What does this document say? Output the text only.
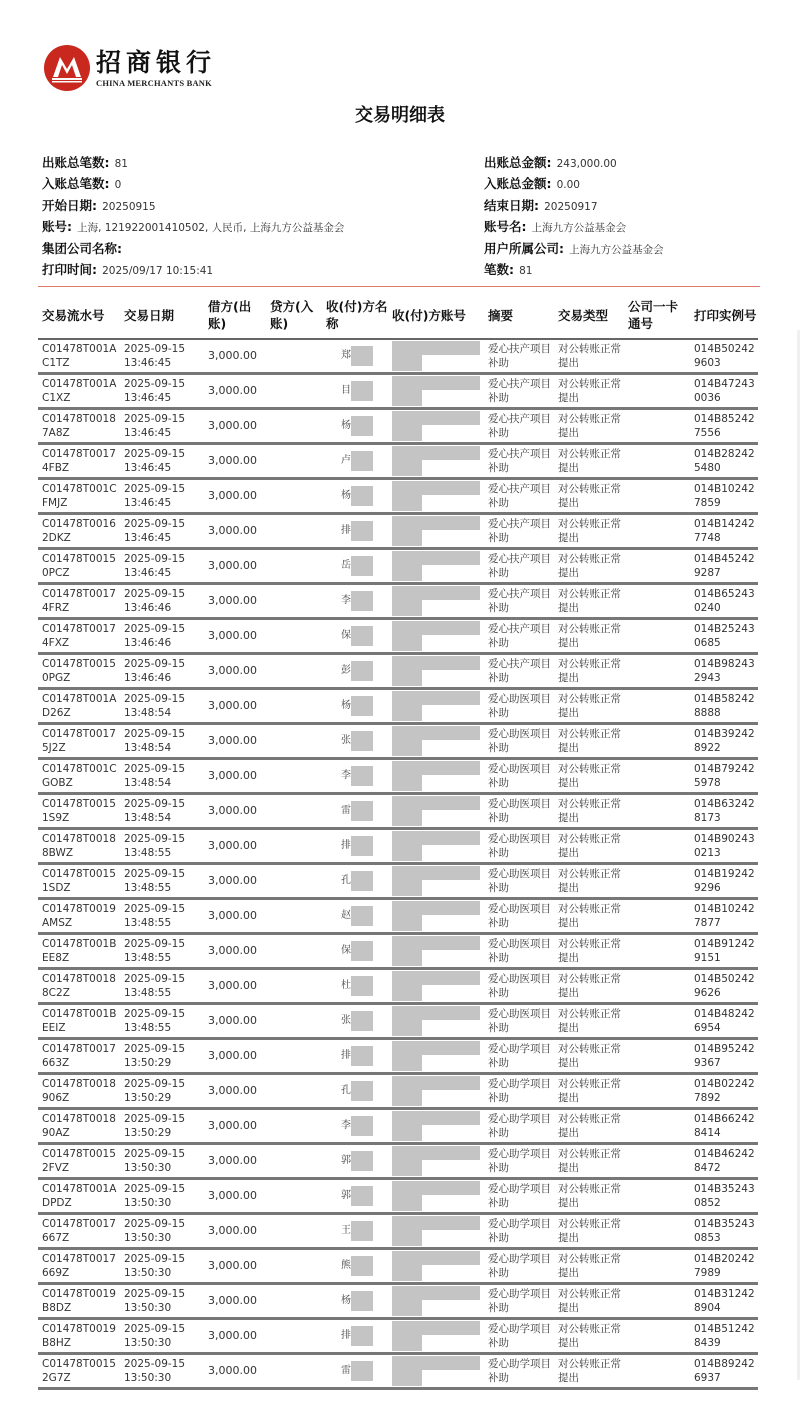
招商银行
CHINA MERCHANTS BANK
交易明细表
出账总笔数: 81
入账总笔数: 0
开始日期: 20250915
账号: 上海, 121922001410502, 人民币, 上海九方公益基金会
集团公司名称:
打印时间: 2025/09/17 10:15:41
出账总金额: 243,000.00
入账总金额: 0.00
结束日期: 20250917
账号名: 上海九方公益基金会
用户所属公司: 上海九方公益基金会
笔数: 81
交易流水号	交易日期	借方(出账)	贷方(入账)	收(付)方名称	收(付)方账号	摘要	交易类型	公司一卡通号	打印实例号
C01478T001AC1TZ	2025-09-15 13:46:45	3,000.00		郑		爱心扶产项目补助	对公转账正常提出		014B502429603
C01478T001AC1XZ	2025-09-15 13:46:45	3,000.00		目		爱心扶产项目补助	对公转账正常提出		014B472430036
C01478T00187A8Z	2025-09-15 13:46:45	3,000.00		杨		爱心扶产项目补助	对公转账正常提出		014B852427556
C01478T00174FBZ	2025-09-15 13:46:45	3,000.00		卢		爱心扶产项目补助	对公转账正常提出		014B282425480
C01478T001CFMJZ	2025-09-15 13:46:45	3,000.00		杨		爱心扶产项目补助	对公转账正常提出		014B102427859
C01478T00162DKZ	2025-09-15 13:46:45	3,000.00		排		爱心扶产项目补助	对公转账正常提出		014B142427748
C01478T00150PCZ	2025-09-15 13:46:45	3,000.00		岳		爱心扶产项目补助	对公转账正常提出		014B452429287
C01478T00174FRZ	2025-09-15 13:46:46	3,000.00		李		爱心扶产项目补助	对公转账正常提出		014B652430240
C01478T00174FXZ	2025-09-15 13:46:46	3,000.00		保		爱心扶产项目补助	对公转账正常提出		014B252430685
C01478T00150PGZ	2025-09-15 13:46:46	3,000.00		彭		爱心扶产项目补助	对公转账正常提出		014B982432943
C01478T001AD26Z	2025-09-15 13:48:54	3,000.00		杨		爱心助医项目补助	对公转账正常提出		014B582428888
C01478T00175J2Z	2025-09-15 13:48:54	3,000.00		张		爱心助医项目补助	对公转账正常提出		014B392428922
C01478T001CGOBZ	2025-09-15 13:48:54	3,000.00		李		爱心助医项目补助	对公转账正常提出		014B792425978
C01478T00151S9Z	2025-09-15 13:48:54	3,000.00		雷		爱心助医项目补助	对公转账正常提出		014B632428173
C01478T00188BWZ	2025-09-15 13:48:55	3,000.00		排		爱心助医项目补助	对公转账正常提出		014B902430213
C01478T00151SDZ	2025-09-15 13:48:55	3,000.00		孔		爱心助医项目补助	对公转账正常提出		014B192429296
C01478T0019AMSZ	2025-09-15 13:48:55	3,000.00		赵		爱心助医项目补助	对公转账正常提出		014B102427877
C01478T001BEE8Z	2025-09-15 13:48:55	3,000.00		保		爱心助医项目补助	对公转账正常提出		014B912429151
C01478T00188C2Z	2025-09-15 13:48:55	3,000.00		杜		爱心助医项目补助	对公转账正常提出		014B502429626
C01478T001BEEIZ	2025-09-15 13:48:55	3,000.00		张		爱心助医项目补助	对公转账正常提出		014B482426954
C01478T0017663Z	2025-09-15 13:50:29	3,000.00		排		爱心助学项目补助	对公转账正常提出		014B952429367
C01478T0018906Z	2025-09-15 13:50:29	3,000.00		孔		爱心助学项目补助	对公转账正常提出		014B022427892
C01478T001890AZ	2025-09-15 13:50:29	3,000.00		李		爱心助学项目补助	对公转账正常提出		014B662428414
C01478T00152FVZ	2025-09-15 13:50:30	3,000.00		郭		爱心助学项目补助	对公转账正常提出		014B462428472
C01478T001ADPDZ	2025-09-15 13:50:30	3,000.00		郭		爱心助学项目补助	对公转账正常提出		014B352430852
C01478T0017667Z	2025-09-15 13:50:30	3,000.00		王		爱心助学项目补助	对公转账正常提出		014B352430853
C01478T0017669Z	2025-09-15 13:50:30	3,000.00		熊		爱心助学项目补助	对公转账正常提出		014B202427989
C01478T0019B8DZ	2025-09-15 13:50:30	3,000.00		杨		爱心助学项目补助	对公转账正常提出		014B312428904
C01478T0019B8HZ	2025-09-15 13:50:30	3,000.00		排		爱心助学项目补助	对公转账正常提出		014B512428439
C01478T00152G7Z	2025-09-15 13:50:30	3,000.00		雷		爱心助学项目补助	对公转账正常提出		014B892426937
